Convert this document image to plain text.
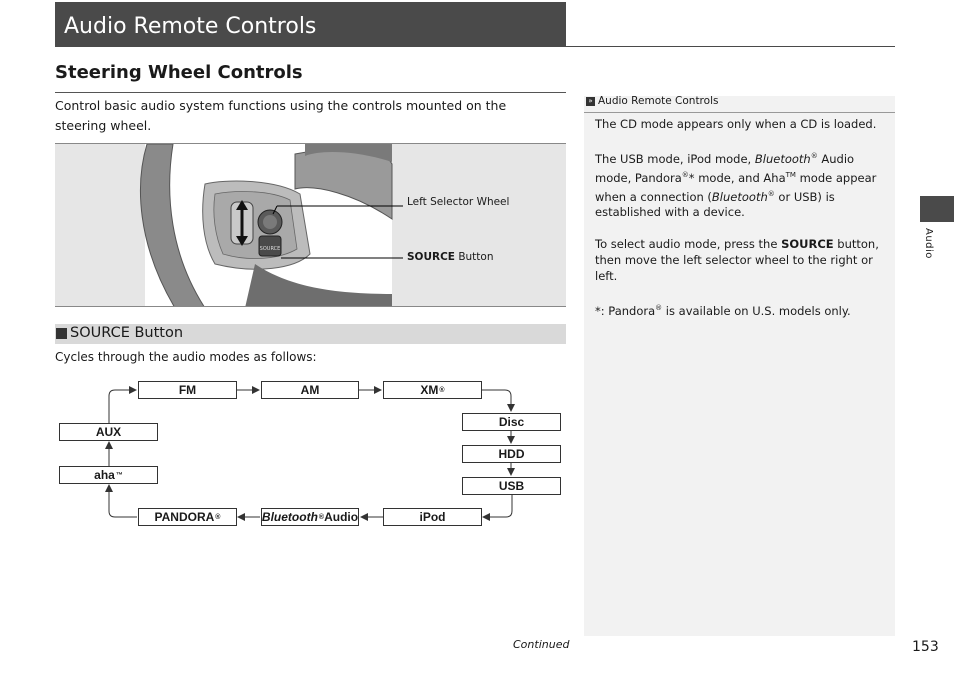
Audio Remote Controls
Steering Wheel Controls
Control basic audio system functions using the controls mounted on the steering wheel.
SOURCE
Left Selector Wheel
SOURCE Button
SOURCE Button
Cycles through the audio modes as follows:
FM	AM	XM ®
Disc
HDD
USB
iPod
Bluetooth ® Audio
PANDORA ®
aha ™
AUX
Audio Remote Controls
»

The CD mode appears only when a CD is loaded.

The USB mode, iPod mode, Bluetooth® Audio mode, Pandora®* mode, and Aha™ mode appear when a connection (Bluetooth® or USB) is established with a device.

To select audio mode, press the SOURCE button, then move the left selector wheel to the right or left.

*: Pandora® is available on U.S. models only.

Audio
Continued	153
